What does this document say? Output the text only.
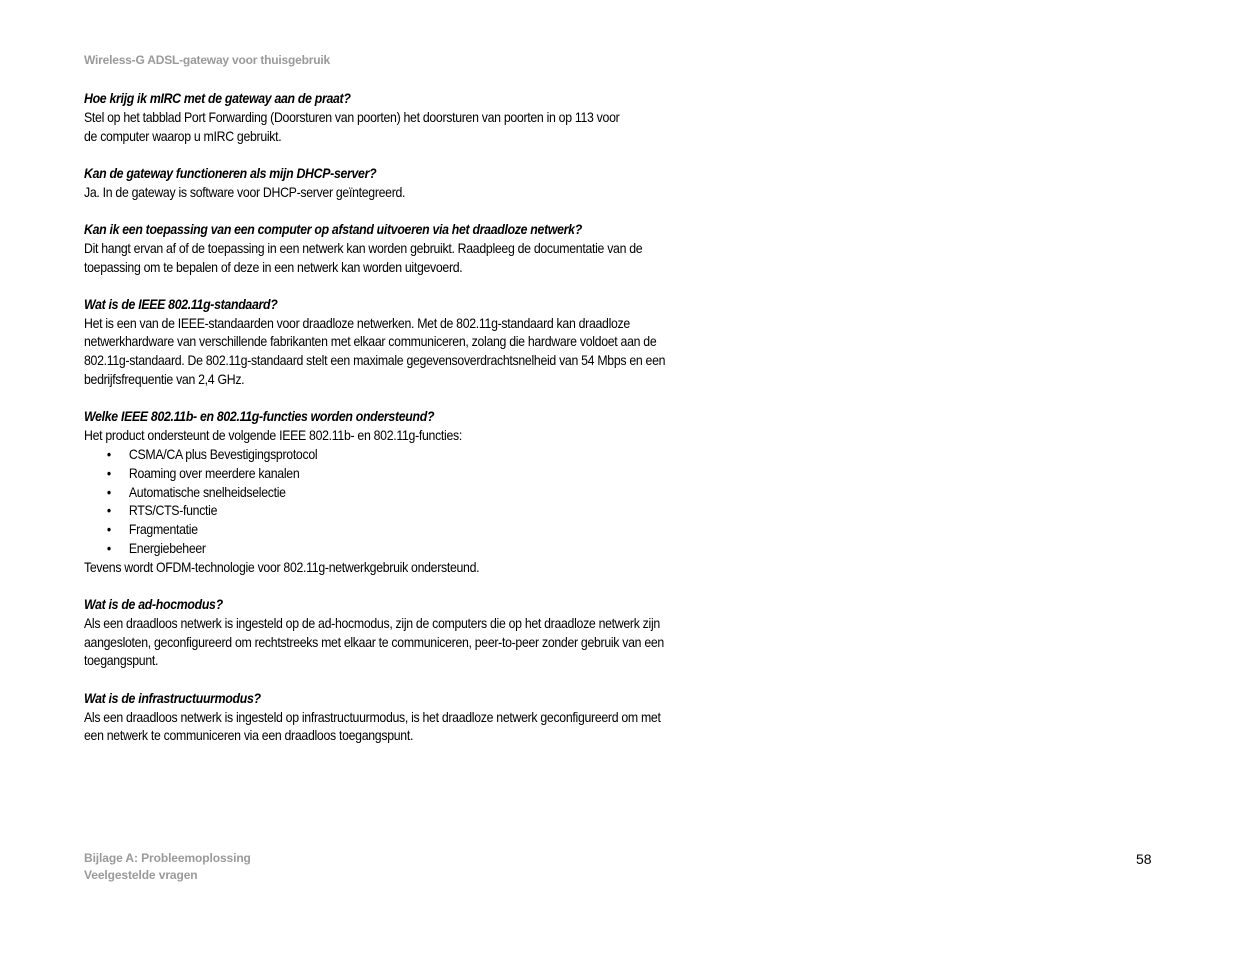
Wireless-G ADSL-gateway voor thuisgebruik
Hoe krijg ik mIRC met de gateway aan de praat?
Stel op het tabblad Port Forwarding (Doorsturen van poorten) het doorsturen van poorten in op 113 voor
de computer waarop u mIRC gebruikt.
Kan de gateway functioneren als mijn DHCP-server?
Ja. In de gateway is software voor DHCP-server geïntegreerd.
Kan ik een toepassing van een computer op afstand uitvoeren via het draadloze netwerk?
Dit hangt ervan af of de toepassing in een netwerk kan worden gebruikt. Raadpleeg de documentatie van de
toepassing om te bepalen of deze in een netwerk kan worden uitgevoerd.
Wat is de IEEE 802.11g-standaard?
Het is een van de IEEE-standaarden voor draadloze netwerken. Met de 802.11g-standaard kan draadloze
netwerkhardware van verschillende fabrikanten met elkaar communiceren, zolang die hardware voldoet aan de
802.11g-standaard. De 802.11g-standaard stelt een maximale gegevensoverdrachtsnelheid van 54 Mbps en een
bedrijfsfrequentie van 2,4 GHz.
Welke IEEE 802.11b- en 802.11g-functies worden ondersteund?
Het product ondersteunt de volgende IEEE 802.11b- en 802.11g-functies:
• CSMA/CA plus Bevestigingsprotocol
• Roaming over meerdere kanalen
• Automatische snelheidselectie
• RTS/CTS-functie
• Fragmentatie
• Energiebeheer
Tevens wordt OFDM-technologie voor 802.11g-netwerkgebruik ondersteund.
Wat is de ad-hocmodus?
Als een draadloos netwerk is ingesteld op de ad-hocmodus, zijn de computers die op het draadloze netwerk zijn
aangesloten, geconfigureerd om rechtstreeks met elkaar te communiceren, peer-to-peer zonder gebruik van een
toegangspunt.
Wat is de infrastructuurmodus?
Als een draadloos netwerk is ingesteld op infrastructuurmodus, is het draadloze netwerk geconfigureerd om met
een netwerk te communiceren via een draadloos toegangspunt.
Bijlage A: Probleemoplossing
Veelgestelde vragen
58
